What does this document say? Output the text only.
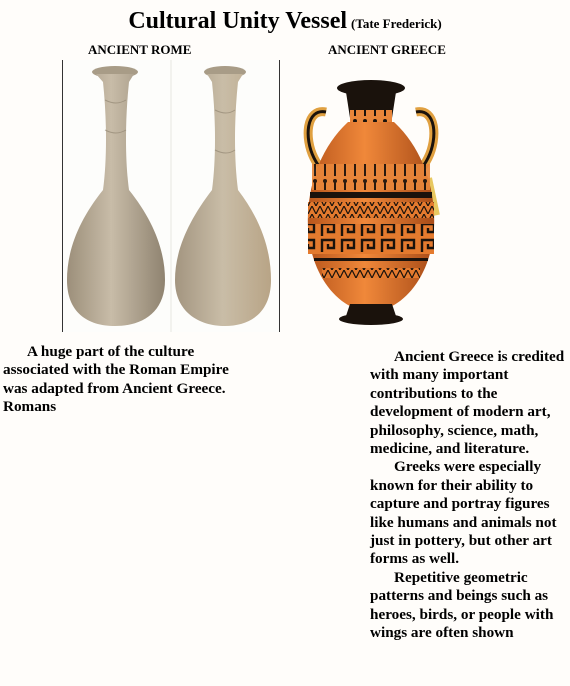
Cultural Unity Vessel (Tate Frederick)
ANCIENT ROME	ANCIENT GREECE
A huge part of the culture associated with the Roman Empire was adapted from Ancient Greece. Romans
Ancient Greece is credited with many important contributions to the development of modern art, philosophy, science, math, medicine, and literature.
Greeks were especially known for their ability to capture and portray figures like humans and animals not just in pottery, but other art forms as well.
Repetitive geometric patterns and beings such as heroes, birds, or people with wings are often shown
